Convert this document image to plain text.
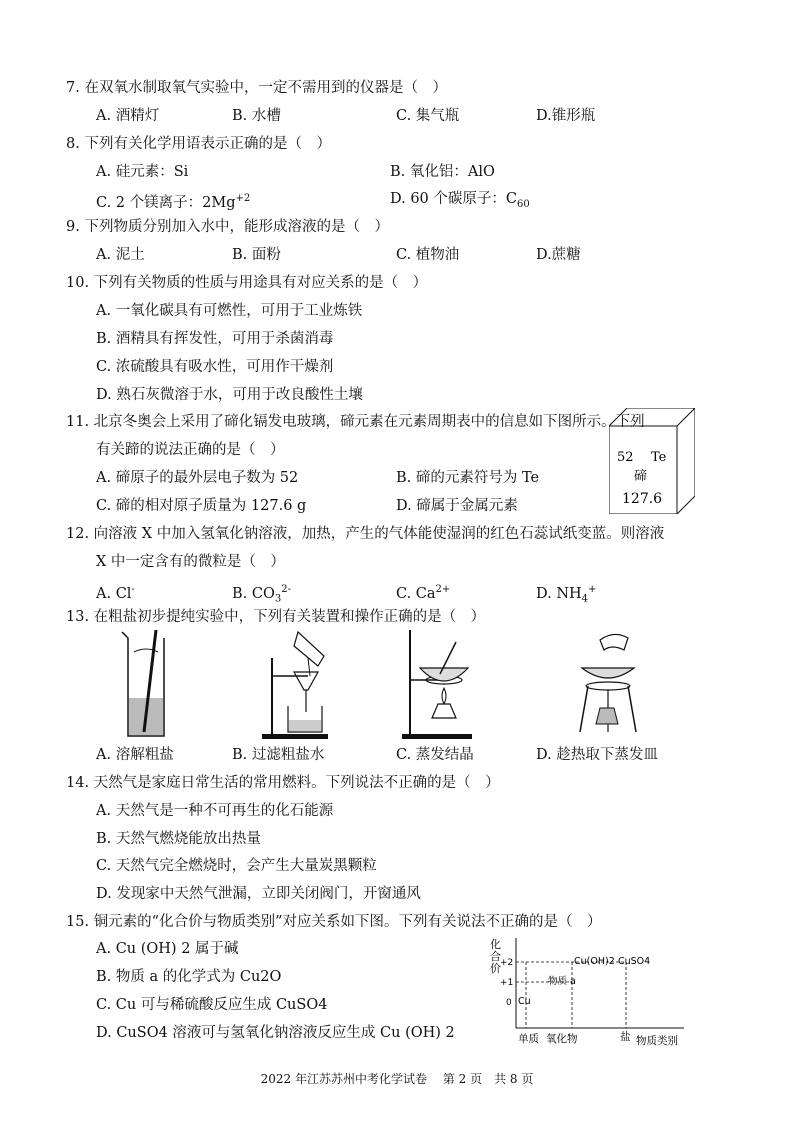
7. 在双氧水制取氧气实验中，一定不需用到的仪器是（　）
A. 酒精灯	B. 水槽	C. 集气瓶	D.锥形瓶
8. 下列有关化学用语表示正确的是（　）
A. 硅元素：Si	B. 氧化铝：AlO
C. 2 个镁离子：$2Mg^{+2}$	D. 60 个碳原子：$C_{60}$
9. 下列物质分别加入水中，能形成溶液的是（　）
A. 泥土	B. 面粉	C. 植物油	D.蔗糖
10. 下列有关物质的性质与用途具有对应关系的是（　）
A. 一氧化碳具有可燃性，可用于工业炼铁
B. 酒精具有挥发性，可用于杀菌消毒
C. 浓硫酸具有吸水性，可用作干燥剂
D. 熟石灰微溶于水，可用于改良酸性土壤
11. 北京冬奥会上采用了碲化镉发电玻璃，碲元素在元素周期表中的信息如下图所示。下列
有关蹄的说法正确的是（　）
A. 碲原子的最外层电子数为 52	B. 碲的元素符号为 Te
C. 碲的相对原子质量为 127.6 g	D. 碲属于金属元素
52 Te
碲
127.6
12. 向溶液 X 中加入氢氧化钠溶液，加热，产生的气体能使湿润的红色石蕊试纸变蓝。则溶液
X 中一定含有的微粒是（　）
A. Cl-	B. $CO_3^{2-}$	C. $Ca^{2+}$	D. $NH_4^+$
13. 在粗盐初步提纯实验中，下列有关装置和操作正确的是（　）
A. 溶解粗盐	B. 过滤粗盐水	C. 蒸发结晶	D. 趁热取下蒸发皿
14. 天然气是家庭日常生活的常用燃料。下列说法不正确的是（　）
A. 天然气是一种不可再生的化石能源
B. 天然气燃烧能放出热量
C. 天然气完全燃烧时，会产生大量炭黑颗粒
D. 发现家中天然气泄漏，立即关闭阀门，开窗通风
15. 铜元素的“化合价与物质类别”对应关系如下图。下列有关说法不正确的是（　）
A. Cu (OH) 2 属于碱
B. 物质 a 的化学式为 Cu2O
C. Cu 可与稀硫酸反应生成 CuSO4
D. CuSO4 溶液可与氢氧化钠溶液反应生成 Cu (OH) 2
化
合
价 +2
+1
0
Cu(OH)2 CuSO4
物质 a
Cu
单质 氧化物	盐 物质类别
2022 年江苏苏州中考化学试卷　 第 2 页　共 8 页
